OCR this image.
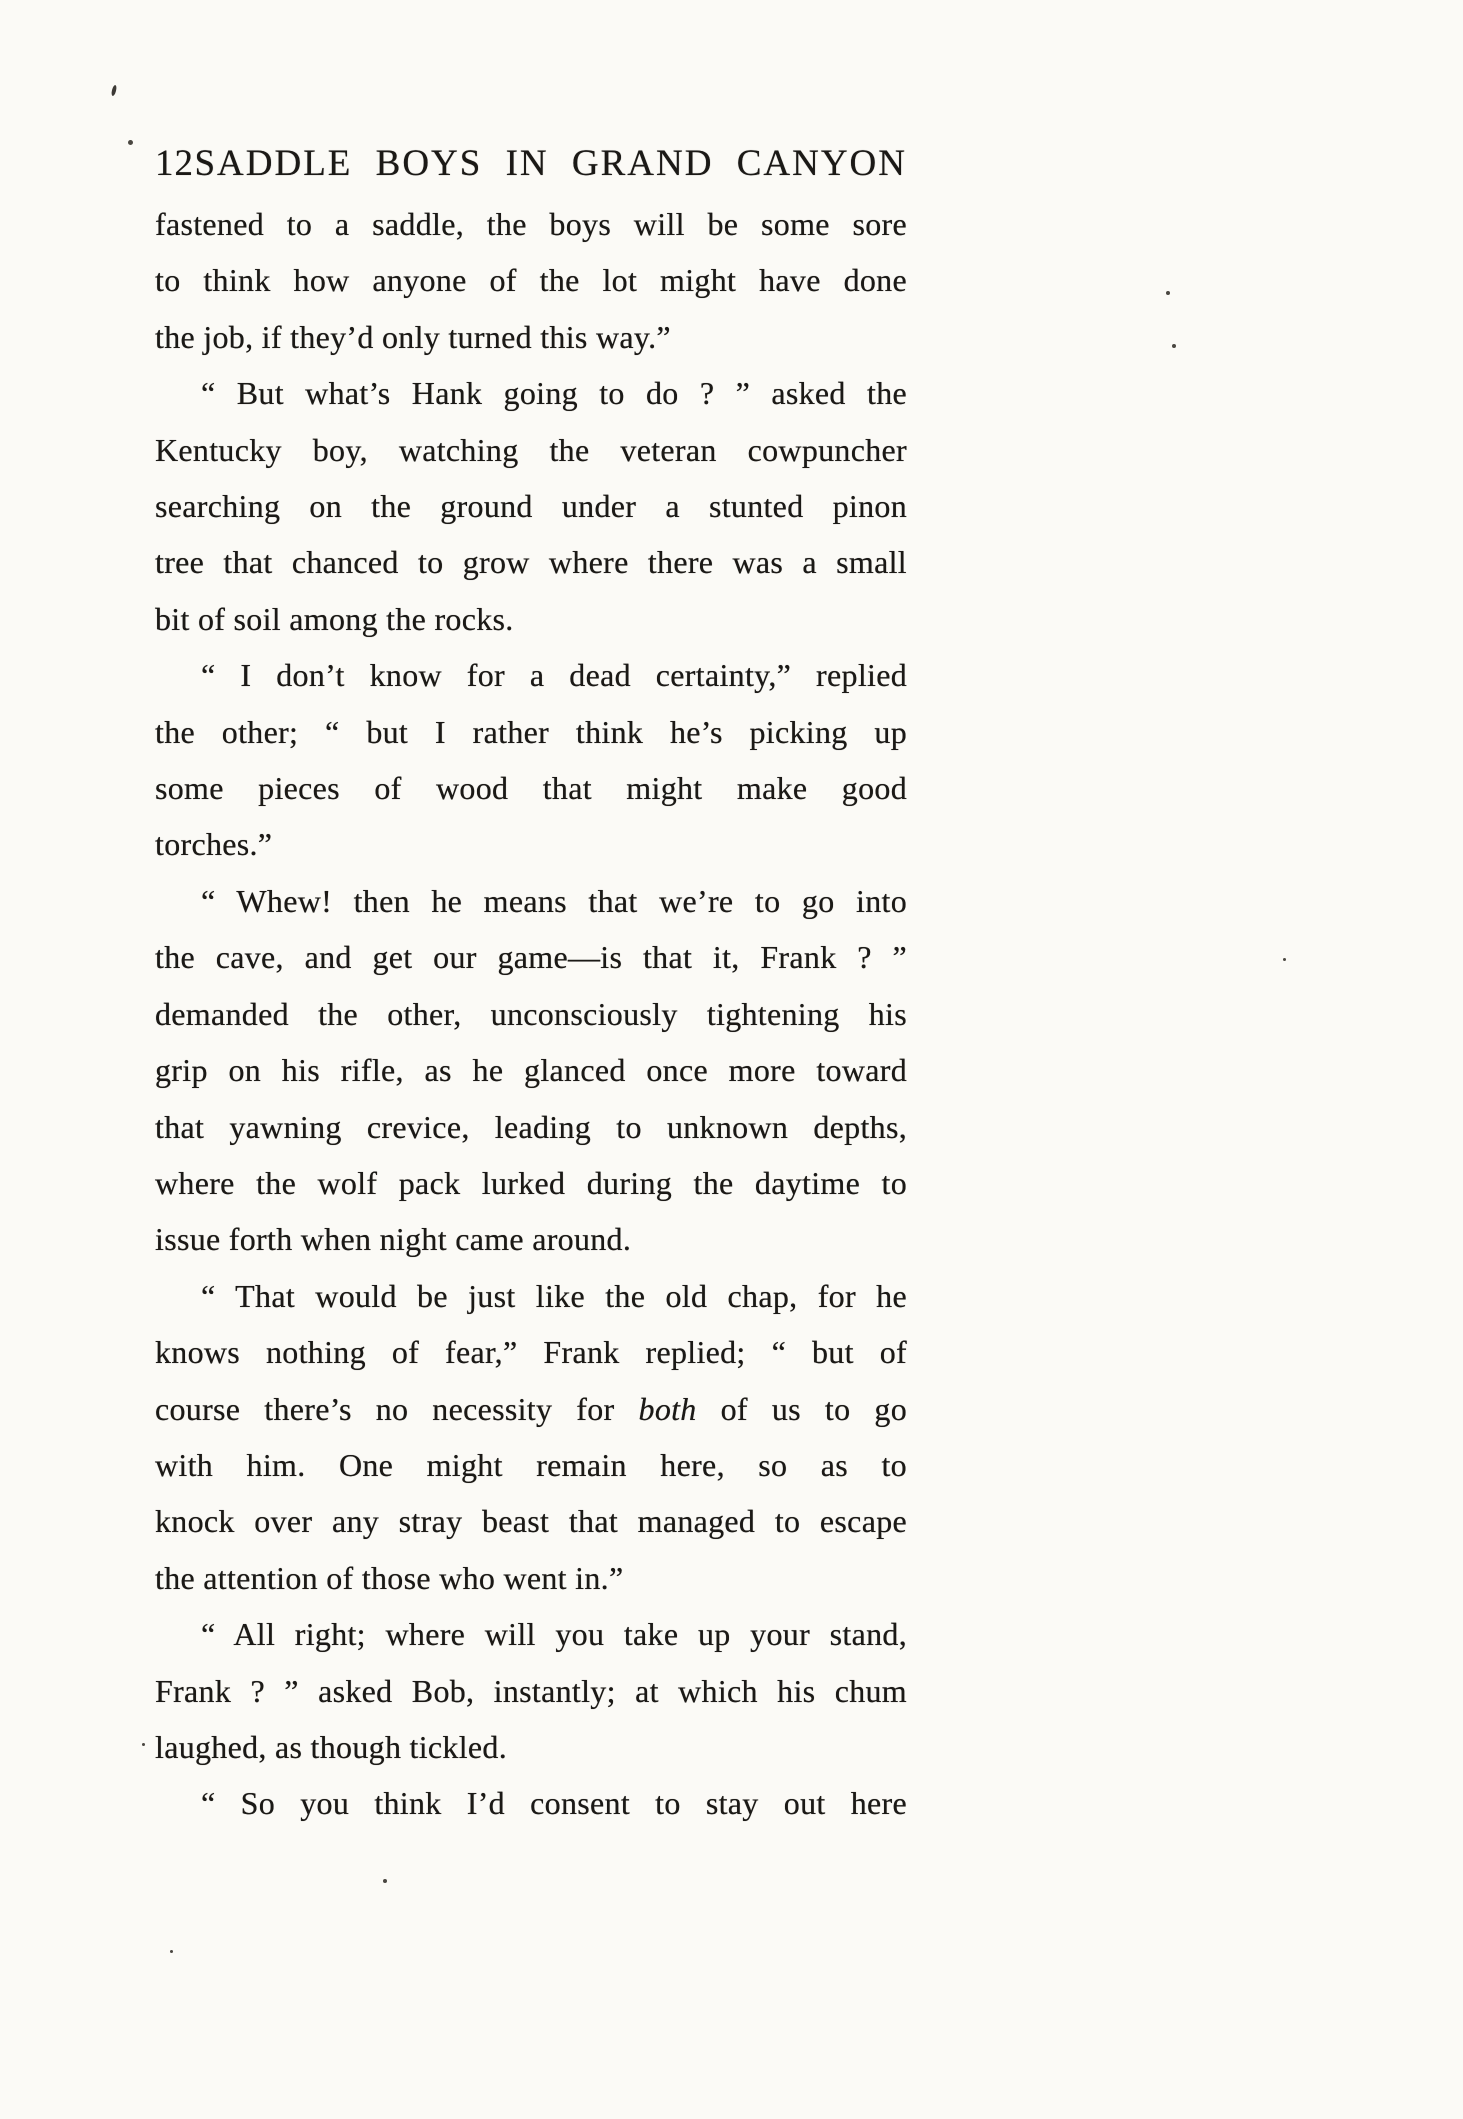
12 SADDLE BOYS IN GRAND CANYON
fastened to a saddle, the boys will be some sore
to think how anyone of the lot might have done
the job, if they’d only turned this way.”
“ But what’s Hank going to do ? ” asked the
Kentucky boy, watching the veteran cowpuncher
searching on the ground under a stunted pinon
tree that chanced to grow where there was a small
bit of soil among the rocks.
“ I don’t know for a dead certainty,” replied
the other; “ but I rather think he’s picking up
some pieces of wood that might make good
torches.”
“ Whew! then he means that we’re to go into
the cave, and get our game—is that it, Frank ? ”
demanded the other, unconsciously tightening his
grip on his rifle, as he glanced once more toward
that yawning crevice, leading to unknown depths,
where the wolf pack lurked during the daytime to
issue forth when night came around.
“ That would be just like the old chap, for he
knows nothing of fear,” Frank replied; “ but of
course there’s no necessity for both of us to go
with him. One might remain here, so as to
knock over any stray beast that managed to escape
the attention of those who went in.”
“ All right; where will you take up your stand,
Frank ? ” asked Bob, instantly; at which his chum
laughed, as though tickled.
“ So you think I’d consent to stay out here
